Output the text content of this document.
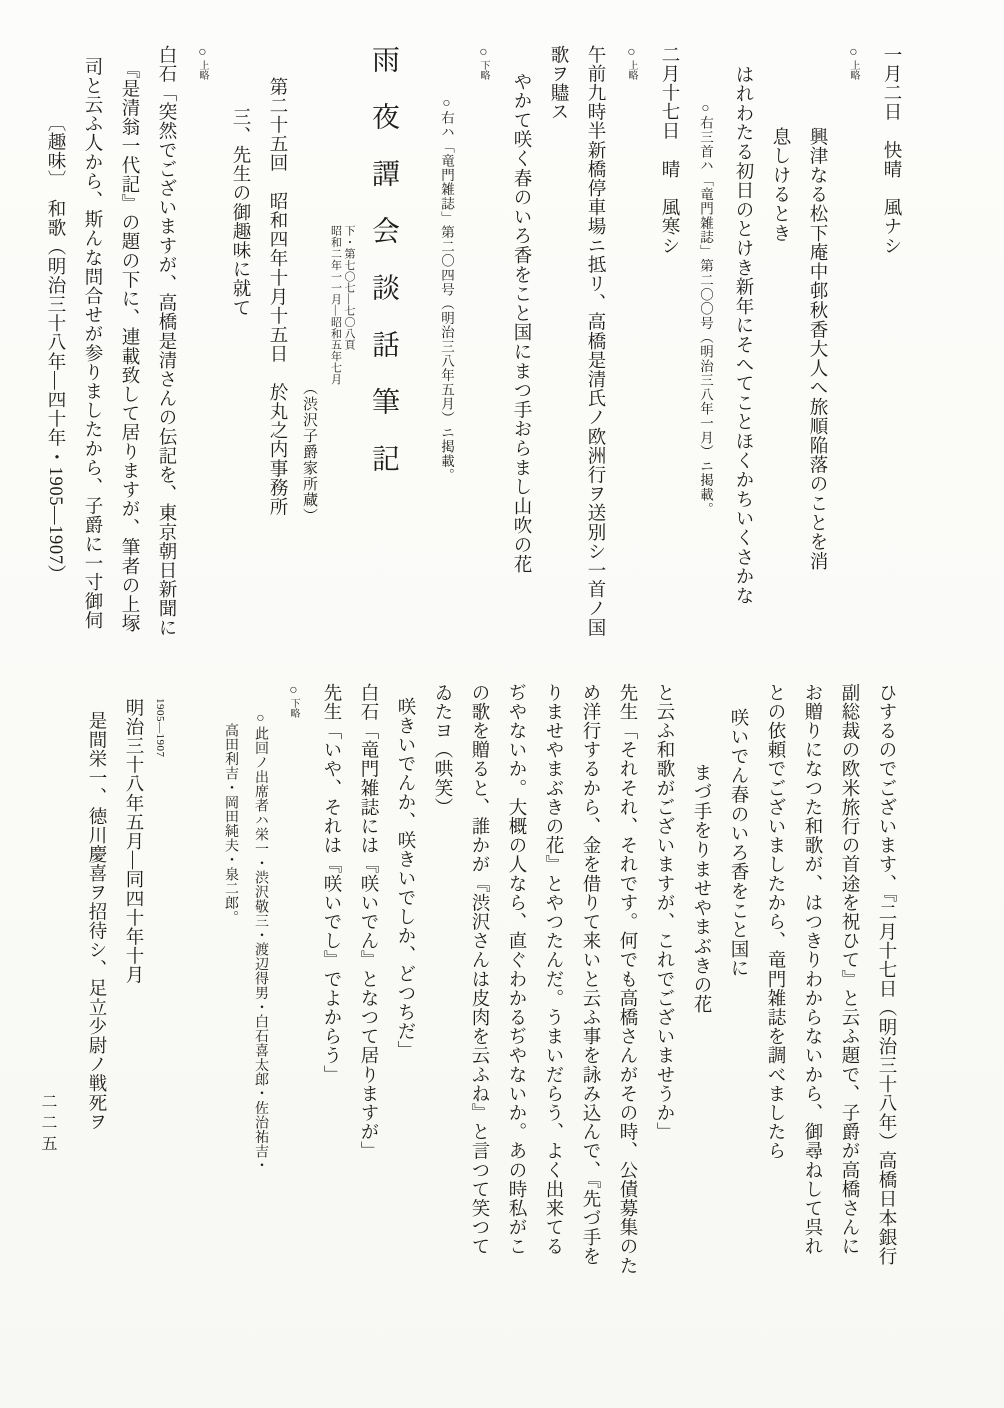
一月二日　快晴　風ナシ

○上略

興津なる松下庵中邨秋香大人へ旅順陥落のことを消

息しけるとき

はれわたる初日のとけき新年にそへてことほくかちいくさかな

○右三首ハ「竜門雑誌」第二〇〇号（明治三八年一月）ニ掲載。

二月十七日　晴　風寒シ

○上略

午前九時半新橋停車場ニ抵リ、高橋是清氏ノ欧洲行ヲ送別シ一首ノ国

歌ヲ贐ス

やかて咲く春のいろ香をこと国にまつ手おらまし山吹の花

○下略

○右ハ「竜門雑誌」第二〇四号（明治三八年五月）ニ掲載。

雨夜譚会談話筆記

下・第七〇七―七〇八頁
昭和二年一一月―昭和五年七月

（渋沢子爵家所蔵）

第二十五回　昭和四年十月十五日　於丸之内事務所

三、先生の御趣味に就て

○上略

白石「突然でございますが、高橋是清さんの伝記を、東京朝日新聞に

『是清翁一代記』の題の下に、連載致して居りますが、筆者の上塚

司と云ふ人から、斯んな問合せが参りましたから、子爵に一寸御伺

〔趣味〕　和歌（明治三十八年―四十年・1905―1907）

ひするのでございます、『二月十七日（明治三十八年）高橋日本銀行

副総裁の欧米旅行の首途を祝ひて』と云ふ題で、子爵が高橋さんに

お贈りになつた和歌が、はつきりわからないから、御尋ねして呉れ

との依頼でございましたから、竜門雑誌を調べましたら

咲いでん春のいろ香をこと国に

まづ手をりませやまぶきの花

と云ふ和歌がございますが、これでございませうか」

先生「それそれ、それです。何でも高橋さんがその時、公債募集のた

め洋行するから、金を借りて来いと云ふ事を詠み込んで、『先づ手を

りませやまぶきの花』とやつたんだ。うまいだらう、よく出来てる

ぢやないか。大概の人なら、直ぐわかるぢやないか。あの時私がこ

の歌を贈ると、誰かが『渋沢さんは皮肉を云ふね』と言つて笑つて

ゐたヨ（哄笑）

咲きいでんか、咲きいでしか、どつちだ」

白石「竜門雑誌には『咲いでん』となつて居りますが」

先生「いや、それは『咲いでし』でよからう」

○下略

○此回ノ出席者ハ栄一・渋沢敬三・渡辺得男・白石喜太郎・佐治祐吉・

高田利吉・岡田純夫・泉二郎。

1905―1907

明治三十八年五月―同四十年十月

是間栄一、徳川慶喜ヲ招待シ、足立少尉ノ戦死ヲ

二二五
